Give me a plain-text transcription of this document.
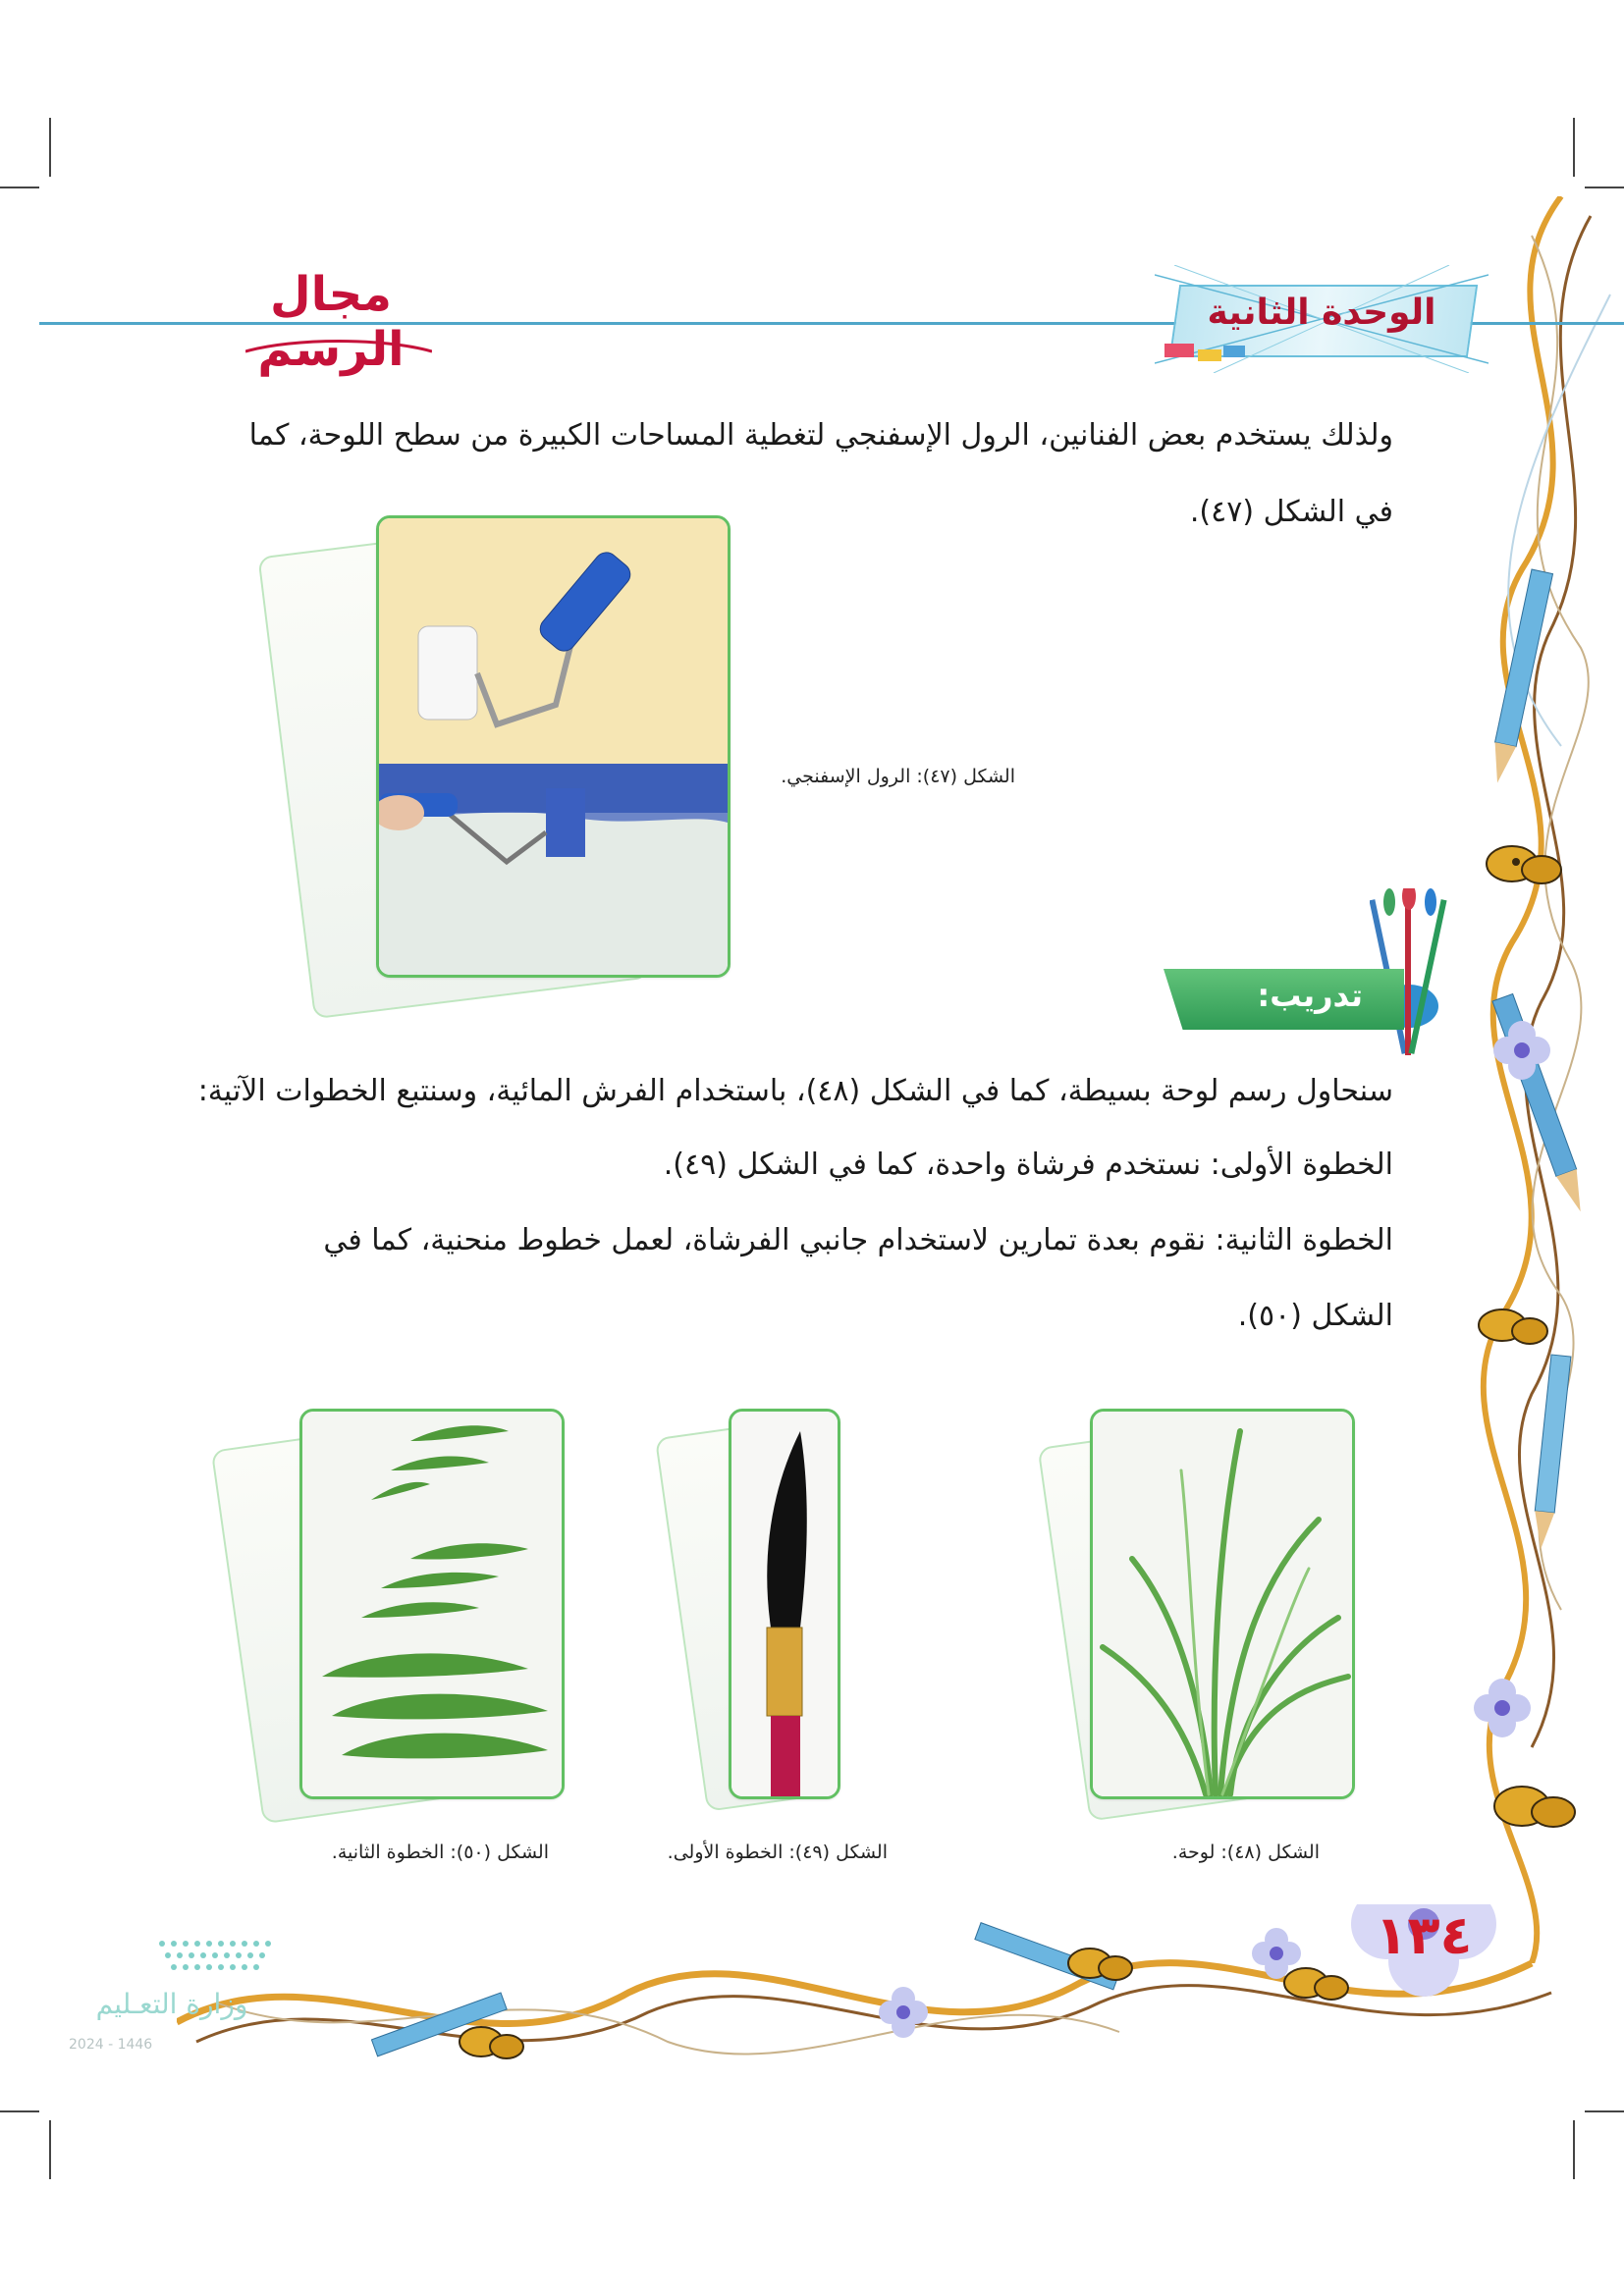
مجال الرسم
الوحدة الثانية
ولذلك يستخدم بعض الفنانين، الرول الإسفنجي لتغطية المساحات الكبيرة من سطح اللوحة، كما
في الشكل (٤٧).
الشكل (٤٧): الرول الإسفنجي.
تدريب:
سنحاول رسم لوحة بسيطة، كما في الشكل (٤٨)، باستخدام الفرش المائية، وسنتبع الخطوات الآتية:
الخطوة الأولى: نستخدم فرشاة واحدة، كما في الشكل (٤٩).
الخطوة الثانية: نقوم بعدة تمارين لاستخدام جانبي الفرشاة، لعمل خطوط منحنية، كما في
الشكل (٥٠).
الشكل (٤٨): لوحة.
الشكل (٤٩): الخطوة الأولى.
الشكل (٥٠): الخطوة الثانية.
١٣٤
وزارة التعـليم
2024 - 1446
